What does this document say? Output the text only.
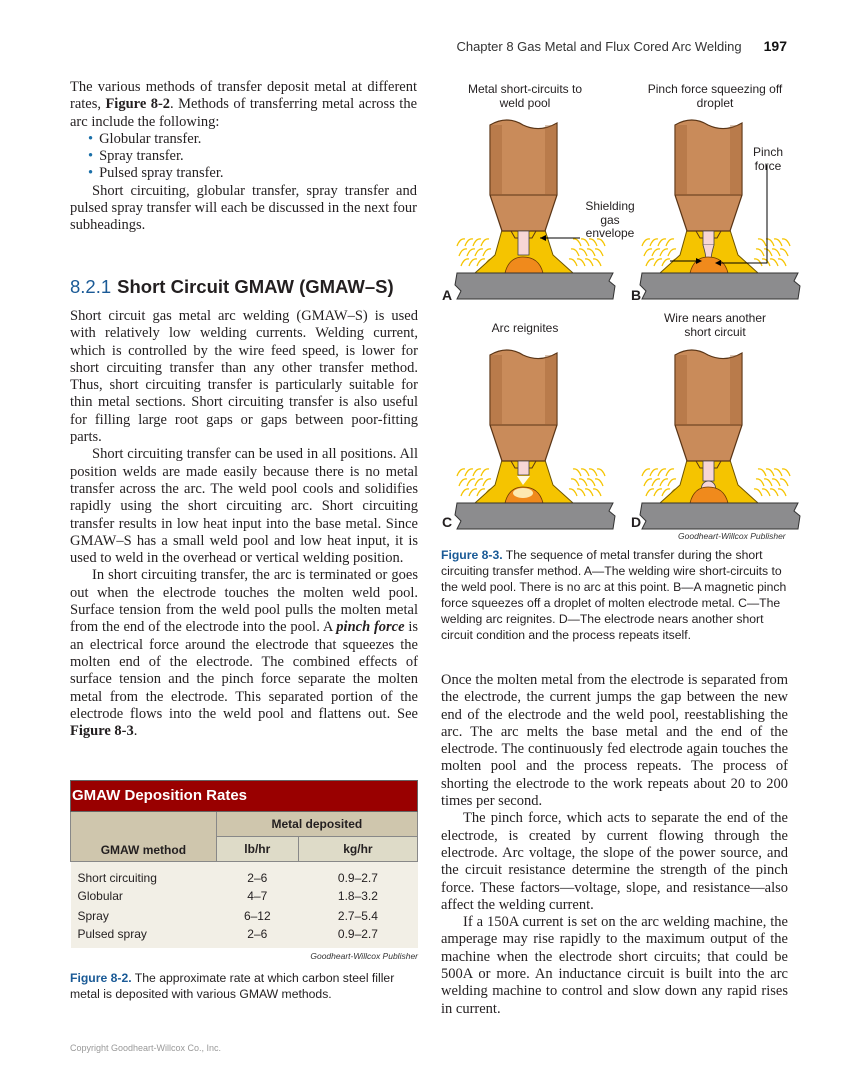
Chapter 8 Gas Metal and Flux Cored Arc Welding 197

The various methods of transfer deposit metal at different rates, Figure 8-2. Methods of transferring metal across the arc include the following:

• Globular transfer.
• Spray transfer.
• Pulsed spray transfer.

Short circuiting, globular transfer, spray transfer and pulsed spray transfer will each be discussed in the next four subheadings.

8.2.1 Short Circuit GMAW (GMAW–S)

Short circuit gas metal arc welding (GMAW–S) is used with relatively low welding currents. Welding current, which is controlled by the wire feed speed, is lower for short circuiting transfer than any other transfer method. Thus, short circuiting transfer is particularly suitable for thin metal sections. Short circuiting transfer is also useful for filling large root gaps or gaps between poor-fitting parts.

Short circuiting transfer can be used in all positions. All position welds are made easily because there is no metal transfer across the arc. The weld pool cools and solidifies rapidly using the short circuiting arc. Short circuiting transfer results in low heat input into the base metal. Since GMAW–S has a small weld pool and low heat input, it is used to weld in the overhead or vertical welding position.

In short circuiting transfer, the arc is terminated or goes out when the electrode touches the molten weld pool. Surface tension from the weld pool pulls the molten metal from the end of the electrode into the pool. A pinch force is an electrical force around the electrode that squeezes the molten end of the electrode. The combined effects of surface tension and the pinch force separate the molten metal from the electrode. This separated portion of the electrode flows into the weld pool and flattens out. See Figure 8-3.

GMAW Deposition Rates		
GMAW method	Metal deposited	
	lb/hr	kg/hr
Short circuiting	2–6	0.9–2.7
Globular	4–7	1.8–3.2
Spray	6–12	2.7–5.4
Pulsed spray	2–6	0.9–2.7
Goodheart-Willcox Publisher
Figure 8-2. The approximate rate at which carbon steel filler metal is deposited with various GMAW methods.
Metal short-circuits to weld pool
Pinch force squeezing off droplet
Pinch force
Shielding gas envelope
Arc reignites
Wire nears another short circuit
A	B
C	D
Goodheart-Willcox Publisher
Figure 8-3. The sequence of metal transfer during the short circuiting transfer method. A—The welding wire short-circuits to the weld pool. There is no arc at this point. B—A magnetic pinch force squeezes off a droplet of molten electrode metal. C—The welding arc reignites. D—The electrode nears another short circuit condition and the process repeats itself.

Once the molten metal from the electrode is separated from the electrode, the current jumps the gap between the new end of the electrode and the weld pool, reestablishing the arc. The arc melts the base metal and the end of the electrode. The continuously fed electrode again touches the molten pool and the process repeats. The process of shorting the electrode to the work repeats about 20 to 200 times per second.

The pinch force, which acts to separate the end of the electrode, is created by current flowing through the electrode. Arc voltage, the slope of the power source, and the circuit resistance determine the strength of the pinch force. These factors—voltage, slope, and resistance—also affect the welding current.

If a 150A current is set on the arc welding machine, the amperage may rise rapidly to the maximum output of the machine when the electrode short circuits; that could be 500A or more. An inductance circuit is built into the arc welding machine to control and slow down any rapid rises in current.

Copyright Goodheart-Willcox Co., Inc.
